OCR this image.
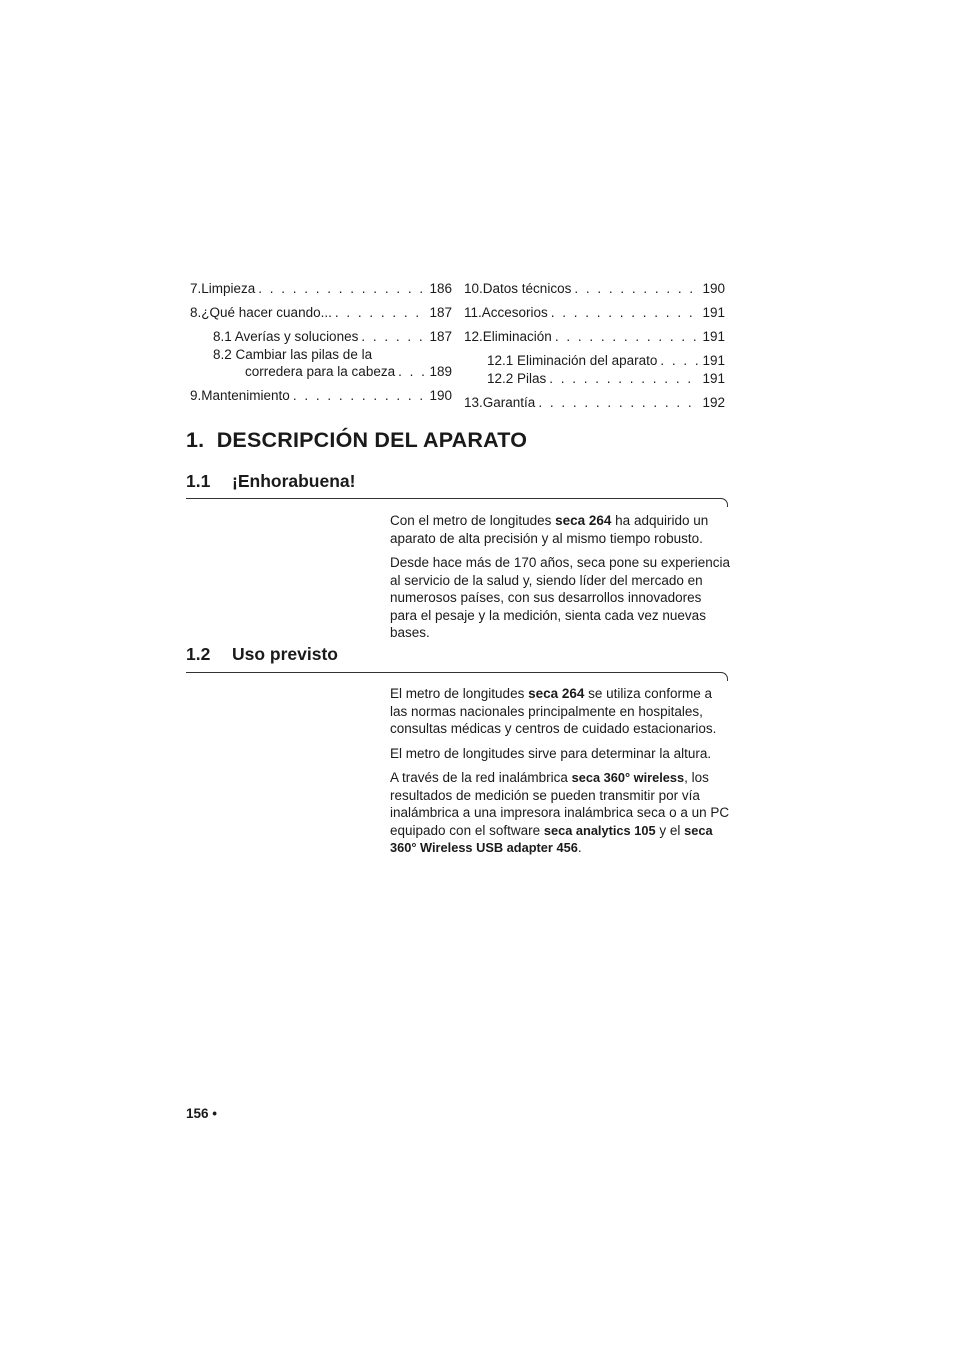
7. Limpieza . . .	186
8. ¿Qué hacer cuando... . . .	187
8.1 Averías y soluciones . . .	187
8.2 Cambiar las pilas de la
corredera para la cabeza . . .	189
9. Mantenimiento . . .	190
10. Datos técnicos . . .	190
11. Accesorios . . .	191
12. Eliminación . . .	191
12.1 Eliminación del aparato . . .	191
12.2 Pilas . . .	191
13. Garantía . . .	192
1. DESCRIPCIÓN DEL APARATO
1.1 ¡Enhorabuena!

Con el metro de longitudes seca 264 ha adquirido un aparato de alta precisión y al mismo tiempo robusto.

Desde hace más de 170 años, seca pone su experiencia al servicio de la salud y, siendo líder del mercado en numerosos países, con sus desarrollos innovadores para el pesaje y la medición, sienta cada vez nuevas bases.

1.2 Uso previsto

El metro de longitudes seca 264 se utiliza conforme a las normas nacionales principalmente en hospitales, consultas médicas y centros de cuidado estacionarios.

El metro de longitudes sirve para determinar la altura.

A través de la red inalámbrica seca 360° wireless, los resultados de medición se pueden transmitir por vía inalámbrica a una impresora inalámbrica seca o a un PC equipado con el software seca analytics 105 y el seca 360° Wireless USB adapter 456.

156 •
